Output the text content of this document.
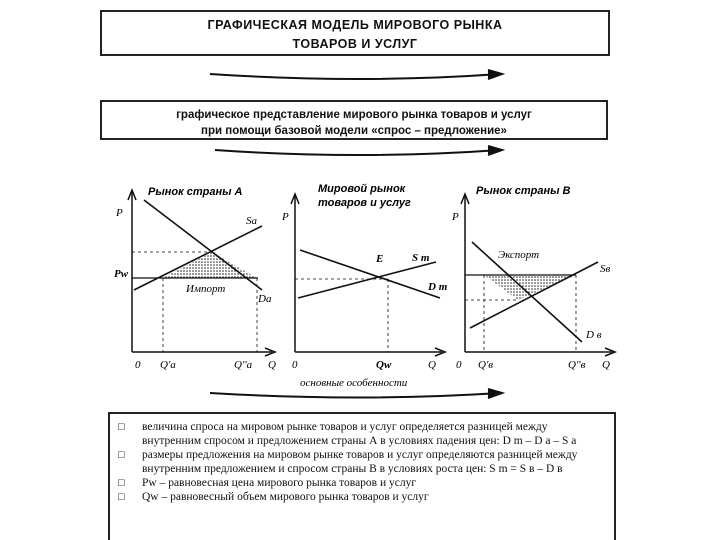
ГРАФИЧЕСКАЯ МОДЕЛЬ МИРОВОГО РЫНКА
ТОВАРОВ И УСЛУГ
графическое представление мирового рынка товаров и услуг
при помощи базовой модели «спрос – предложение»
Рынок страны А
P
Pw
Sa
Da
Импорт
0 Q'a	Q''a Q
Мировой рынок
товаров и услуг
P
E	S m
D m
0	Qw	Q
Рынок страны В
P
Sв
D в
Экспорт
0 Q'в	Q''в Q
основные особенности
□ величина спроса на мировом рынке товаров и услуг определяется разницей между внутренним спросом и предложением страны А в условиях падения цен: D m – D a – S a
□ размеры предложения на мировом рынке товаров и услуг определяются разницей между внутренним предложением и спросом страны В в условиях роста цен: S m = S в – D в
□ Pw – равновесная цена мирового рынка товаров и услуг
□ Qw – равновесный объем мирового рынка товаров и услуг
